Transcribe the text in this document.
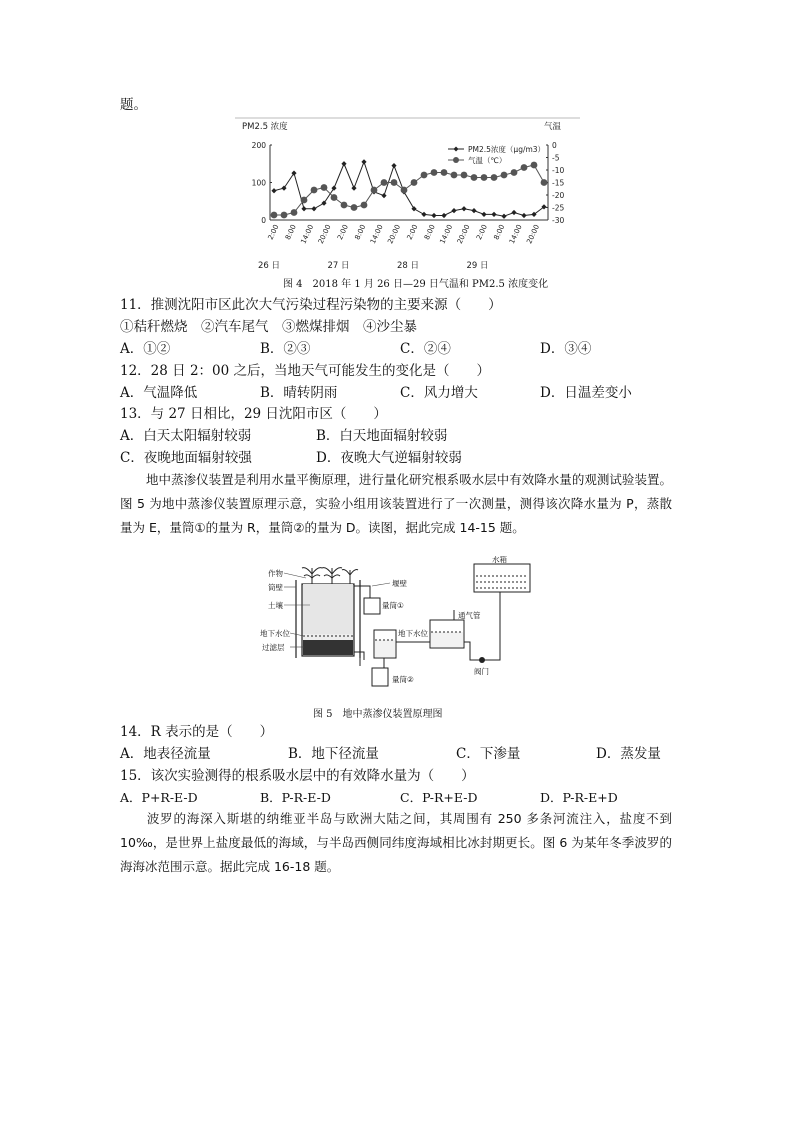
题。
PM2.5 浓度	气温
0
100
200	0
-5
-10
-15
-20
-25
-30
2:00 8:00 14:00 20:00 2:00 8:00 14:00 20:00 2:00 8:00 14:00 20:00 2:00 8:00 14:00 20:00
26 日	27 日	28 日	29 日
PM2.5浓度（μg/m3）
气温（℃）
图 4　2018 年 1 月 26 日—29 日气温和 PM2.5 浓度变化
11．推测沈阳市区此次大气污染过程污染物的主要来源（　　）
①秸秆燃烧　②汽车尾气　③燃煤排烟　④沙尘暴
A．①②	B．②③	C．②④	D．③④
12．28 日 2：00 之后，当地天气可能发生的变化是（　　）
A．气温降低	B．晴转阴雨	C．风力增大	D．日温差变小
13．与 27 日相比，29 日沈阳市区（　　）
A．白天太阳辐射较弱	B．白天地面辐射较弱
C．夜晚地面辐射较强	D．夜晚大气逆辐射较弱
地中蒸渗仪装置是利用水量平衡原理，进行量化研究根系吸水层中有效降水量的观测试验装置。图 5 为地中蒸渗仪装置原理示意，实验小组用该装置进行了一次测量，测得该次降水量为 P，蒸散量为 E，量筒①的量为 R，量筒②的量为 D。读图，据此完成 14-15 题。
作物
筒壁
土壤
地下水位
过滤层
堰壁
量筒①
地下水位
通气管
水箱
阀门
量筒②
图 5　地中蒸渗仪装置原理图
14．R 表示的是（　　）
A．地表径流量	B．地下径流量	C．下渗量	D．蒸发量
15．该次实验测得的根系吸水层中的有效降水量为（　　）
A．P+R-E-D	B．P-R-E-D	C．P-R+E-D	D．P-R-E+D
波罗的海深入斯堪的纳维亚半岛与欧洲大陆之间，其周围有 250 多条河流注入，盐度不到 10‰，是世界上盐度最低的海域，与半岛西侧同纬度海域相比冰封期更长。图 6 为某年冬季波罗的海海冰范围示意。据此完成 16-18 题。
